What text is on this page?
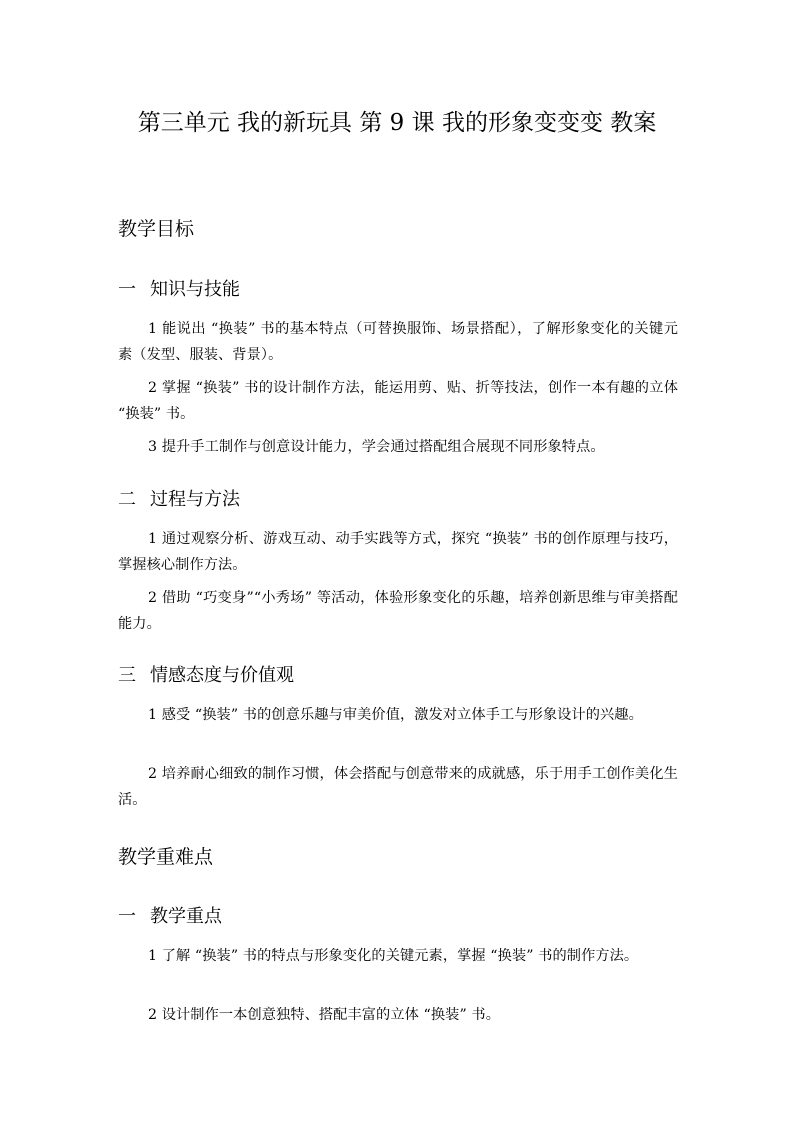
第三单元 我的新玩具 第 9 课 我的形象变变变 教案
教学目标
一 知识与技能

1 能说出 “换装” 书的基本特点（可替换服饰、场景搭配），了解形象变化的关键元素（发型、服装、背景）。

2 掌握 “换装” 书的设计制作方法，能运用剪、贴、折等技法，创作一本有趣的立体 “换装” 书。

3 提升手工制作与创意设计能力，学会通过搭配组合展现不同形象特点。

二 过程与方法

1 通过观察分析、游戏互动、动手实践等方式，探究 “换装” 书的创作原理与技巧，掌握核心制作方法。

2 借助 “巧变身”“小秀场” 等活动，体验形象变化的乐趣，培养创新思维与审美搭配能力。

三 情感态度与价值观

1 感受 “换装” 书的创意乐趣与审美价值，激发对立体手工与形象设计的兴趣。

2 培养耐心细致的制作习惯，体会搭配与创意带来的成就感，乐于用手工创作美化生活。

教学重难点
一 教学重点

1 了解 “换装” 书的特点与形象变化的关键元素，掌握 “换装” 书的制作方法。

2 设计制作一本创意独特、搭配丰富的立体 “换装” 书。
